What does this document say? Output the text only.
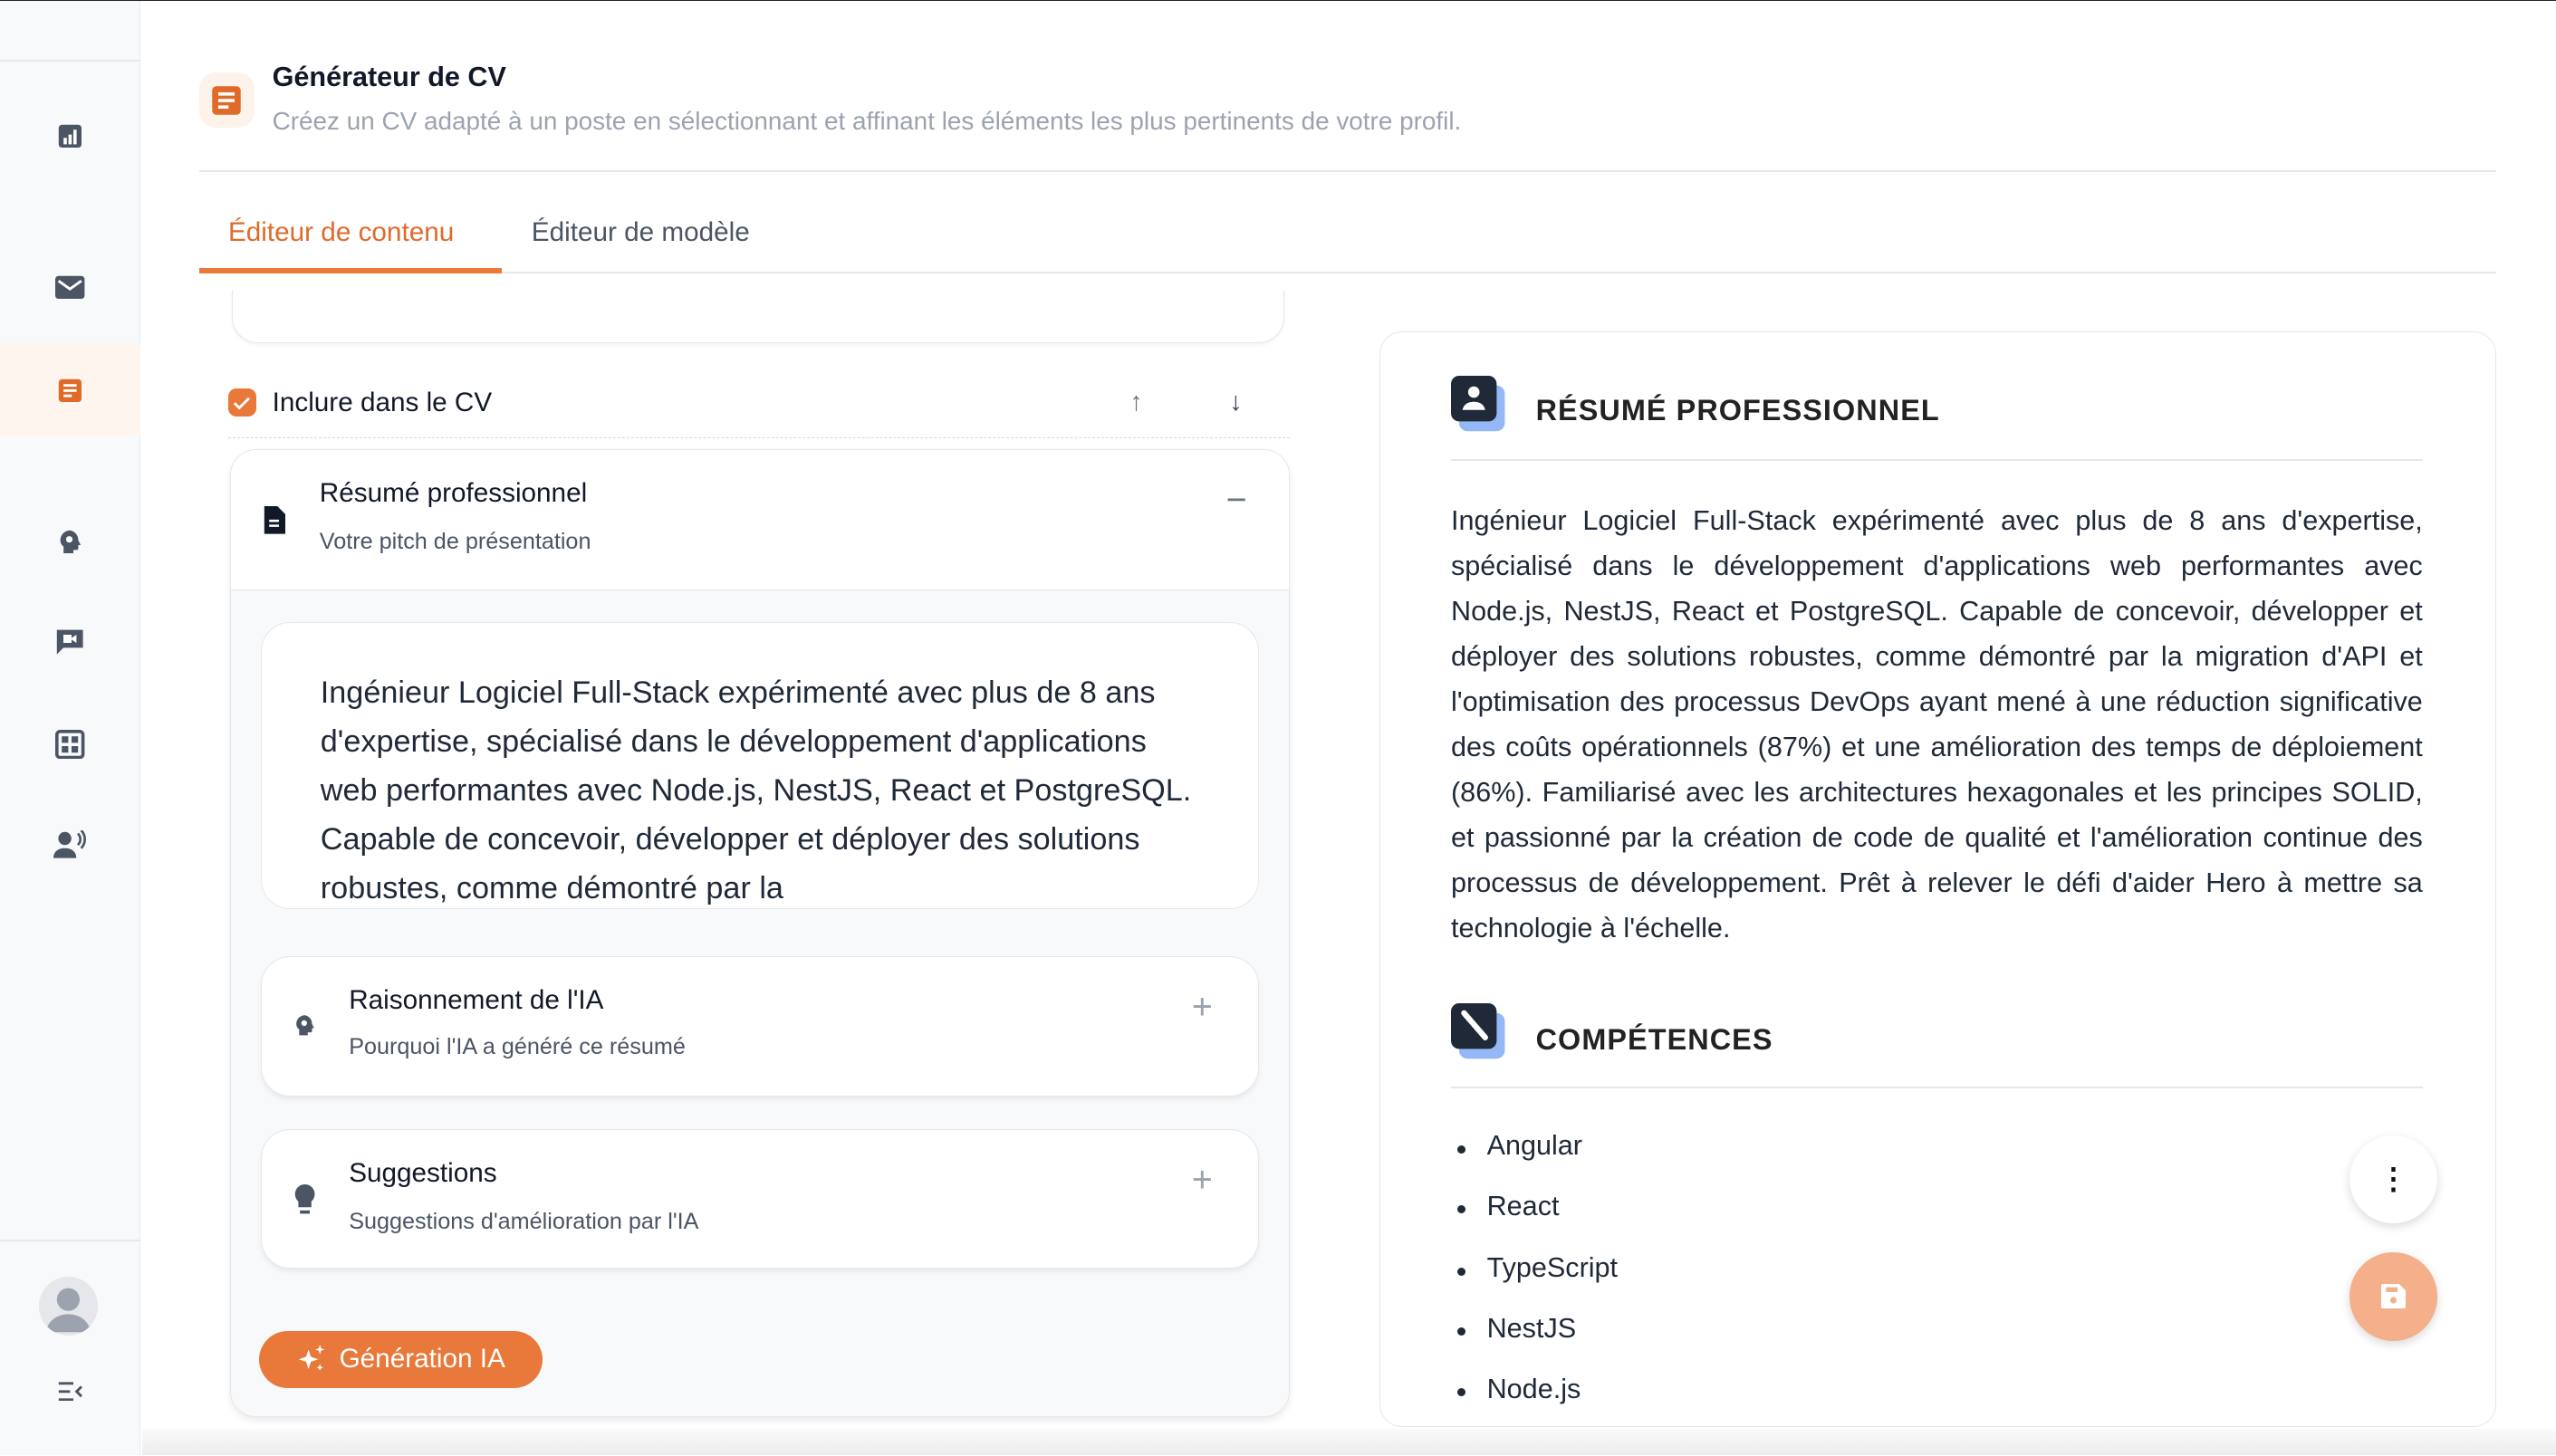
Générateur de CV
Créez un CV adapté à un poste en sélectionnant et affinant les éléments les plus pertinents de votre profil.
Éditeur de contenu	Éditeur de modèle
Inclure dans le CV	↑	↓
Résumé professionnel
Votre pitch de présentation
−
Ingénieur Logiciel Full-Stack expérimenté avec plus de 8 ans d'expertise, spécialisé dans le développement d'applications web performantes avec Node.js, NestJS, React et PostgreSQL. Capable de concevoir, développer et déployer des solutions robustes, comme démontré par la
Raisonnement de l'IA
Pourquoi l'IA a généré ce résumé
+
Suggestions
Suggestions d'amélioration par l'IA
+
Génération IA
RÉSUMÉ PROFESSIONNEL
Ingénieur Logiciel Full-Stack expérimenté avec plus de 8 ans d'expertise, spécialisé dans le développement d'applications web performantes avec Node.js, NestJS, React et PostgreSQL. Capable de concevoir, développer et déployer des solutions robustes, comme démontré par la migration d'API et l'optimisation des processus DevOps ayant mené à une réduction significative des coûts opérationnels (87%) et une amélioration des temps de déploiement (86%). Familiarisé avec les architectures hexagonales et les principes SOLID, et passionné par la création de code de qualité et l'amélioration continue des processus de développement. Prêt à relever le défi d'aider Hero à mettre sa technologie à l'échelle.
COMPÉTENCES
Angular
React
TypeScript
NestJS
Node.js
⋮
